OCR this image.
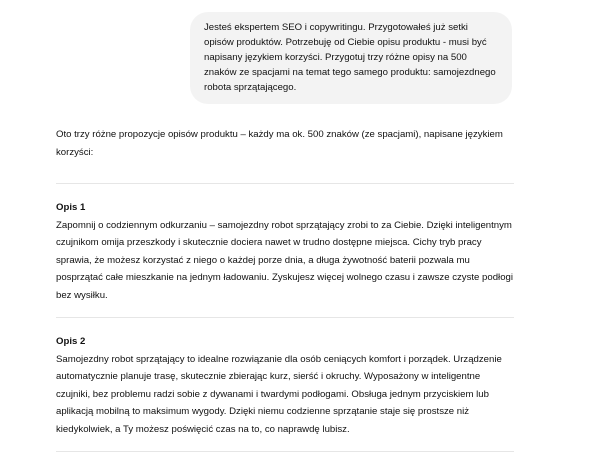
Jesteś ekspertem SEO i copywritingu. Przygotowałeś już setki opisów produktów. Potrzebuję od Ciebie opisu produktu - musi być napisany językiem korzyści. Przygotuj trzy różne opisy na 500 znaków ze spacjami na temat tego samego produktu: samojezdnego robota sprzątającego.

Oto trzy różne propozycje opisów produktu – każdy ma ok. 500 znaków (ze spacjami), napisane językiem korzyści:

Opis 1

Zapomnij o codziennym odkurzaniu – samojezdny robot sprzątający zrobi to za Ciebie. Dzięki inteligentnym czujnikom omija przeszkody i skutecznie dociera nawet w trudno dostępne miejsca. Cichy tryb pracy sprawia, że możesz korzystać z niego o każdej porze dnia, a długa żywotność baterii pozwala mu posprzątać całe mieszkanie na jednym ładowaniu. Zyskujesz więcej wolnego czasu i zawsze czyste podłogi bez wysiłku.

Opis 2

Samojezdny robot sprzątający to idealne rozwiązanie dla osób ceniących komfort i porządek. Urządzenie automatycznie planuje trasę, skutecznie zbierając kurz, sierść i okruchy. Wyposażony w inteligentne czujniki, bez problemu radzi sobie z dywanami i twardymi podłogami. Obsługa jednym przyciskiem lub aplikacją mobilną to maksimum wygody. Dzięki niemu codzienne sprzątanie staje się prostsze niż kiedykolwiek, a Ty możesz poświęcić czas na to, co naprawdę lubisz.
